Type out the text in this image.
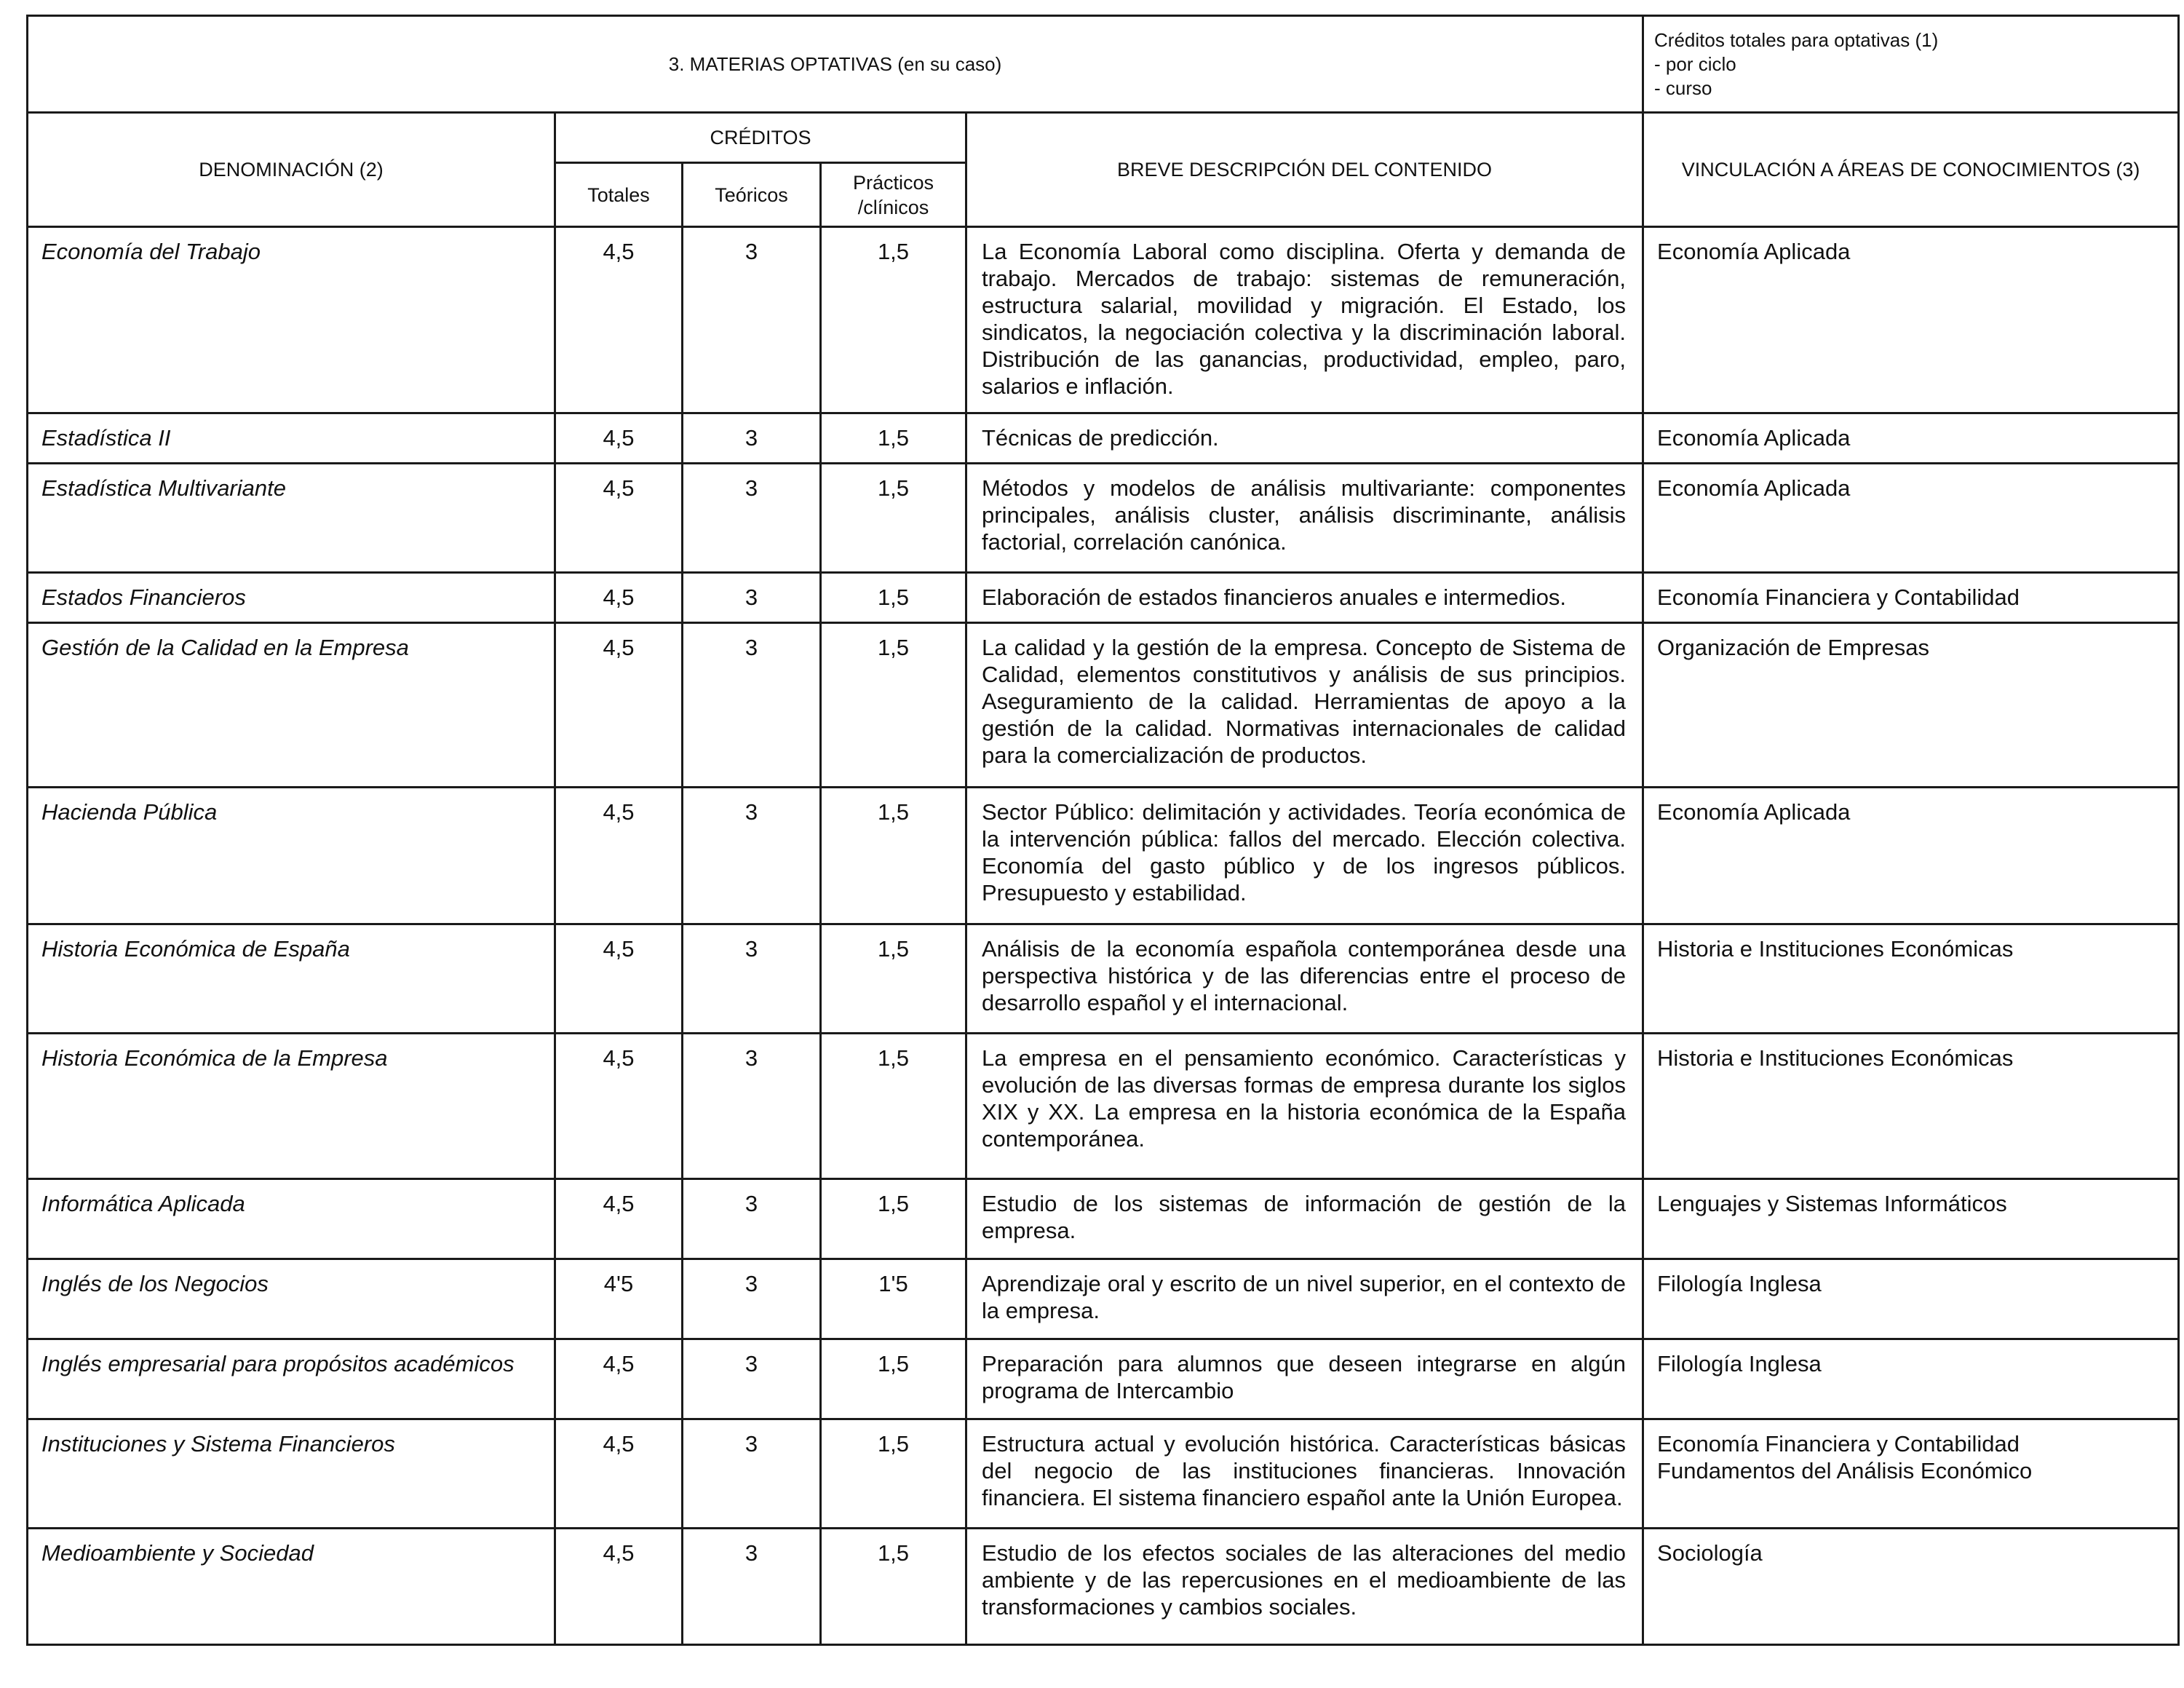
3. MATERIAS OPTATIVAS (en su caso)					Créditos totales para optativas (1)
- por ciclo
- curso

DENOMINACIÓN (2)	CRÉDITOS			BREVE DESCRIPCIÓN DEL CONTENIDO	VINCULACIÓN A ÁREAS DE CONOCIMIENTOS (3)
	Totales	Teóricos	Prácticos
/clínicos		

Economía del Trabajo	4,5	3	1,5	La Economía Laboral como disciplina. Oferta y demanda de trabajo. Mercados de trabajo: sistemas de remuneración, estructura salarial, movilidad y migración. El Estado, los sindicatos, la negociación colectiva y la discriminación laboral. Distribución de las ganancias, productividad, empleo, paro, salarios e inflación.	Economía Aplicada

Estadística II	4,5	3	1,5	Técnicas de predicción.	Economía Aplicada

Estadística Multivariante	4,5	3	1,5	Métodos y modelos de análisis multivariante: componentes principales, análisis cluster, análisis discriminante, análisis factorial, correlación canónica.	Economía Aplicada

Estados Financieros	4,5	3	1,5	Elaboración de estados financieros anuales e intermedios.	Economía Financiera y Contabilidad

Gestión de la Calidad en la Empresa	4,5	3	1,5	La calidad y la gestión de la empresa. Concepto de Sistema de Calidad, elementos constitutivos y análisis de sus principios. Aseguramiento de la calidad. Herramientas de apoyo a la gestión de la calidad. Normativas internacionales de calidad para la comercialización de productos.	Organización de Empresas

Hacienda Pública	4,5	3	1,5	Sector Público: delimitación y actividades. Teoría económica de la intervención pública: fallos del mercado. Elección colectiva. Economía del gasto público y de los ingresos públicos. Presupuesto y estabilidad.	Economía Aplicada

Historia Económica de España	4,5	3	1,5	Análisis de la economía española contemporánea desde una perspectiva histórica y de las diferencias entre el proceso de desarrollo español y el internacional.	Historia e Instituciones Económicas

Historia Económica de la Empresa	4,5	3	1,5	La empresa en el pensamiento económico. Características y evolución de las diversas formas de empresa durante los siglos XIX y XX. La empresa en la historia económica de la España contemporánea.	Historia e Instituciones Económicas

Informática Aplicada	4,5	3	1,5	Estudio de los sistemas de información de gestión de la empresa.	Lenguajes y Sistemas Informáticos

Inglés de los Negocios	4'5	3	1'5	Aprendizaje oral y escrito de un nivel superior, en el contexto de la empresa.	Filología Inglesa

Inglés empresarial para propósitos académicos	4,5	3	1,5	Preparación para alumnos que deseen integrarse en algún programa de Intercambio	Filología Inglesa

Instituciones y Sistema Financieros	4,5	3	1,5	Estructura actual y evolución histórica. Características básicas del negocio de las instituciones financieras. Innovación financiera. El sistema financiero español ante la Unión Europea.	Economía Financiera y Contabilidad
Fundamentos del Análisis Económico

Medioambiente y Sociedad	4,5	3	1,5	Estudio de los efectos sociales de las alteraciones del medio ambiente y de las repercusiones en el medioambiente de las transformaciones y cambios sociales.	Sociología
